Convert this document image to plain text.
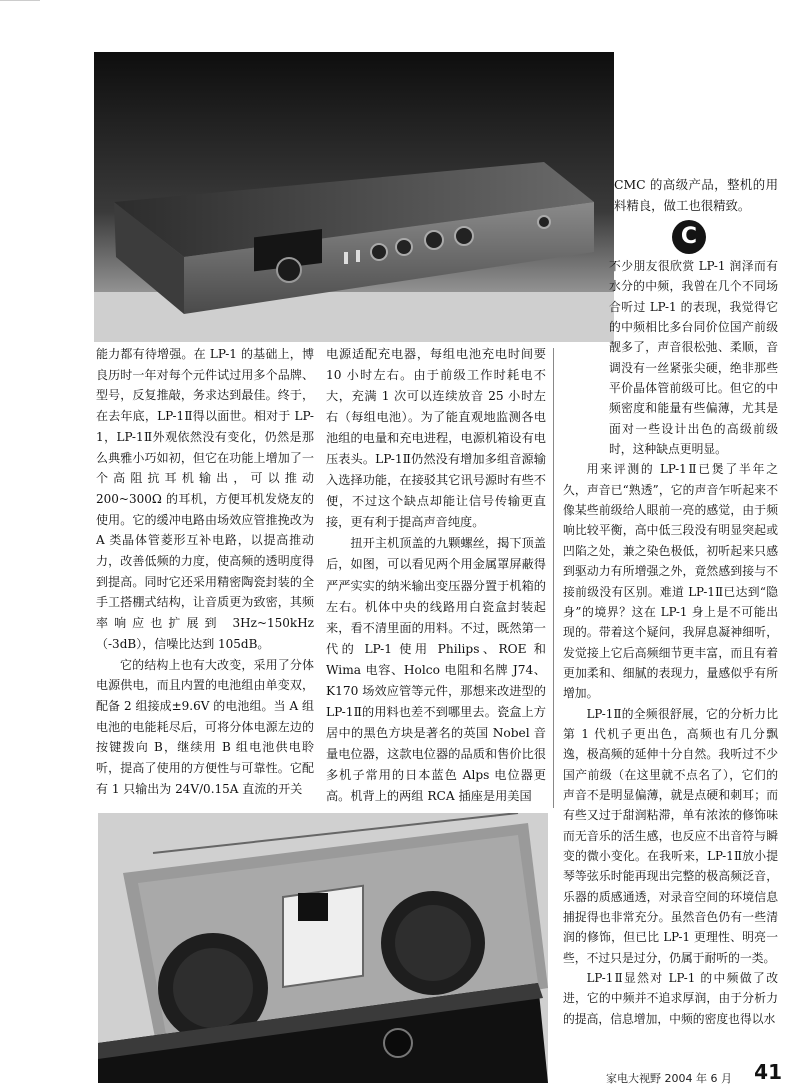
CMC 的高级产品，整机的用料精良，做工也很精致。

C

能力都有待增强。在 LP-1 的基础上，博良历时一年对每个元件试过用多个品牌、型号，反复推敲，务求达到最佳。终于，在去年底，LP-1Ⅱ得以面世。相对于 LP-1，LP-1Ⅱ外观依然没有变化，仍然是那么典雅小巧如初，但它在功能上增加了一个高阻抗耳机输出，可以推动 200~300Ω 的耳机，方便耳机发烧友的使用。它的缓冲电路由场效应管推挽改为 A 类晶体管菱形互补电路，以提高推动力，改善低频的力度，使高频的透明度得到提高。同时它还采用精密陶瓷封装的全手工搭棚式结构，让音质更为致密，其频率响应也扩展到 3Hz~150kHz（-3dB），信噪比达到 105dB。

它的结构上也有大改变，采用了分体电源供电，而且内置的电池组由单变双，配备 2 组接成±9.6V 的电池组。当 A 组电池的电能耗尽后，可将分体电源左边的按键拨向 B，继续用 B 组电池供电聆听，提高了使用的方便性与可靠性。它配有 1 只输出为 24V/0.15A 直流的开关

电源适配充电器，每组电池充电时间要 10 小时左右。由于前级工作时耗电不大，充满 1 次可以连续放音 25 小时左右（每组电池）。为了能直观地监测各电池组的电量和充电进程，电源机箱设有电压表头。LP-1Ⅱ仍然没有增加多组音源输入选择功能，在接驳其它讯号源时有些不便，不过这个缺点却能让信号传输更直接，更有利于提高声音纯度。

扭开主机顶盖的九颗螺丝，揭下顶盖后，如图，可以看见两个用金属罩屏蔽得严严实实的纳米输出变压器分置于机箱的左右。机体中央的线路用白瓷盒封装起来，看不清里面的用料。不过，既然第一代的 LP-1 使用 Philips、ROE 和 Wima 电容、Holco 电阻和名牌 J74、K170 场效应管等元件，那想来改进型的 LP-1Ⅱ的用料也差不到哪里去。瓷盒上方居中的黑色方块是著名的英国 Nobel 音量电位器，这款电位器的品质和售价比很多机子常用的日本蓝色 Alps 电位器更高。机背上的两组 RCA 插座是用美国

不少朋友很欣赏 LP-1 润泽而有水分的中频，我曾在几个不同场合听过 LP-1 的表现，我觉得它的中频相比多台同价位国产前级靓多了，声音很松弛、柔顺，音调没有一丝紧张尖硬，绝非那些平价晶体管前级可比。但它的中频密度和能量有些偏薄，尤其是面对一些设计出色的高级前级时，这种缺点更明显。

用来评测的 LP-1Ⅱ已煲了半年之久，声音已“熟透”，它的声音乍听起来不像某些前级给人眼前一亮的感觉，由于频响比较平衡，高中低三段没有明显突起或凹陷之处，兼之染色极低，初听起来只感到驱动力有所增强之外，竟然感到接与不接前级没有区别。难道 LP-1Ⅱ已达到“隐身”的境界？这在 LP-1 身上是不可能出现的。带着这个疑问，我屏息凝神细听，发觉接上它后高频细节更丰富，而且有着更加柔和、细腻的表现力，量感似乎有所增加。

LP-1Ⅱ的全频很舒展，它的分析力比第 1 代机子更出色，高频也有几分飘逸，极高频的延伸十分自然。我听过不少国产前级（在这里就不点名了），它们的声音不是明显偏薄，就是点硬和刺耳；而有些又过于甜润粘滞，单有浓浓的修饰味而无音乐的活生感，也反应不出音符与瞬变的微小变化。在我听来，LP-1Ⅱ放小提琴等弦乐时能再现出完整的极高频泛音，乐器的质感通透，对录音空间的环境信息捕捉得也非常充分。虽然音色仍有一些清润的修饰，但已比 LP-1 更理性、明亮一些，不过只是过分，仍属于耐听的一类。

LP-1Ⅱ显然对 LP-1 的中频做了改进，它的中频并不追求厚润，由于分析力的提高，信息增加，中频的密度也得以水

家电大视野 2004 年 6 月 41
